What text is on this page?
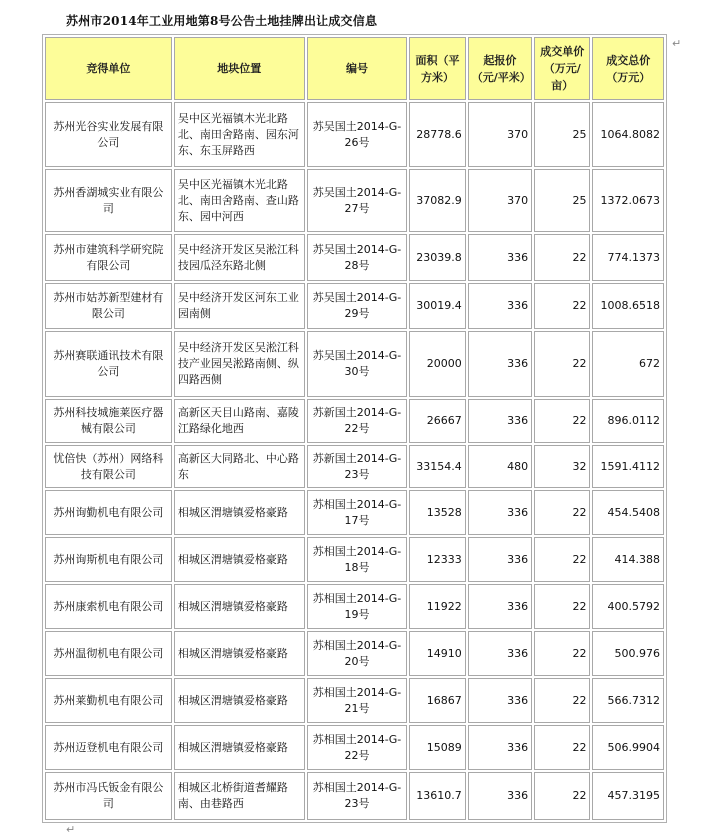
苏州市2014年工业用地第8号公告土地挂牌出让成交信息
↵
↵
竞得单位	地块位置	编号	面积（平方米）	起报价（元/平米）	成交单价（万元/亩）	成交总价（万元）
苏州光谷实业发展有限公司	吴中区光福镇木光北路北、南田舍路南、园东河东、东玉屏路西	苏吴国土2014-G-26号	28778.6	370	25	1064.8082
苏州香湖城实业有限公司	吴中区光福镇木光北路北、南田舍路南、查山路东、园中河西	苏吴国土2014-G-27号	37082.9	370	25	1372.0673
苏州市建筑科学研究院有限公司	吴中经济开发区吴淞江科技园瓜泾东路北侧	苏吴国土2014-G-28号	23039.8	336	22	774.1373
苏州市姑苏新型建材有限公司	吴中经济开发区河东工业园南侧	苏吴国土2014-G-29号	30019.4	336	22	1008.6518
苏州赛联通讯技术有限公司	吴中经济开发区吴淞江科技产业园吴淞路南侧、纵四路西侧	苏吴国土2014-G-30号	20000	336	22	672
苏州科技城施莱医疗器械有限公司	高新区天目山路南、嘉陵江路绿化地西	苏新国土2014-G-22号	26667	336	22	896.0112
忧倍快（苏州）网络科技有限公司	高新区大同路北、中心路东	苏新国土2014-G-23号	33154.4	480	32	1591.4112
苏州询勤机电有限公司	相城区渭塘镇爱格豪路	苏相国土2014-G-17号	13528	336	22	454.5408
苏州询斯机电有限公司	相城区渭塘镇爱格豪路	苏相国土2014-G-18号	12333	336	22	414.388
苏州康索机电有限公司	相城区渭塘镇爱格豪路	苏相国土2014-G-19号	11922	336	22	400.5792
苏州温彻机电有限公司	相城区渭塘镇爱格豪路	苏相国土2014-G-20号	14910	336	22	500.976
苏州莱勤机电有限公司	相城区渭塘镇爱格豪路	苏相国土2014-G-21号	16867	336	22	566.7312
苏州迈登机电有限公司	相城区渭塘镇爱格豪路	苏相国土2014-G-22号	15089	336	22	506.9904
苏州市冯氏钣金有限公司	相城区北桥街道耆耀路南、由巷路西	苏相国土2014-G-23号	13610.7	336	22	457.3195
